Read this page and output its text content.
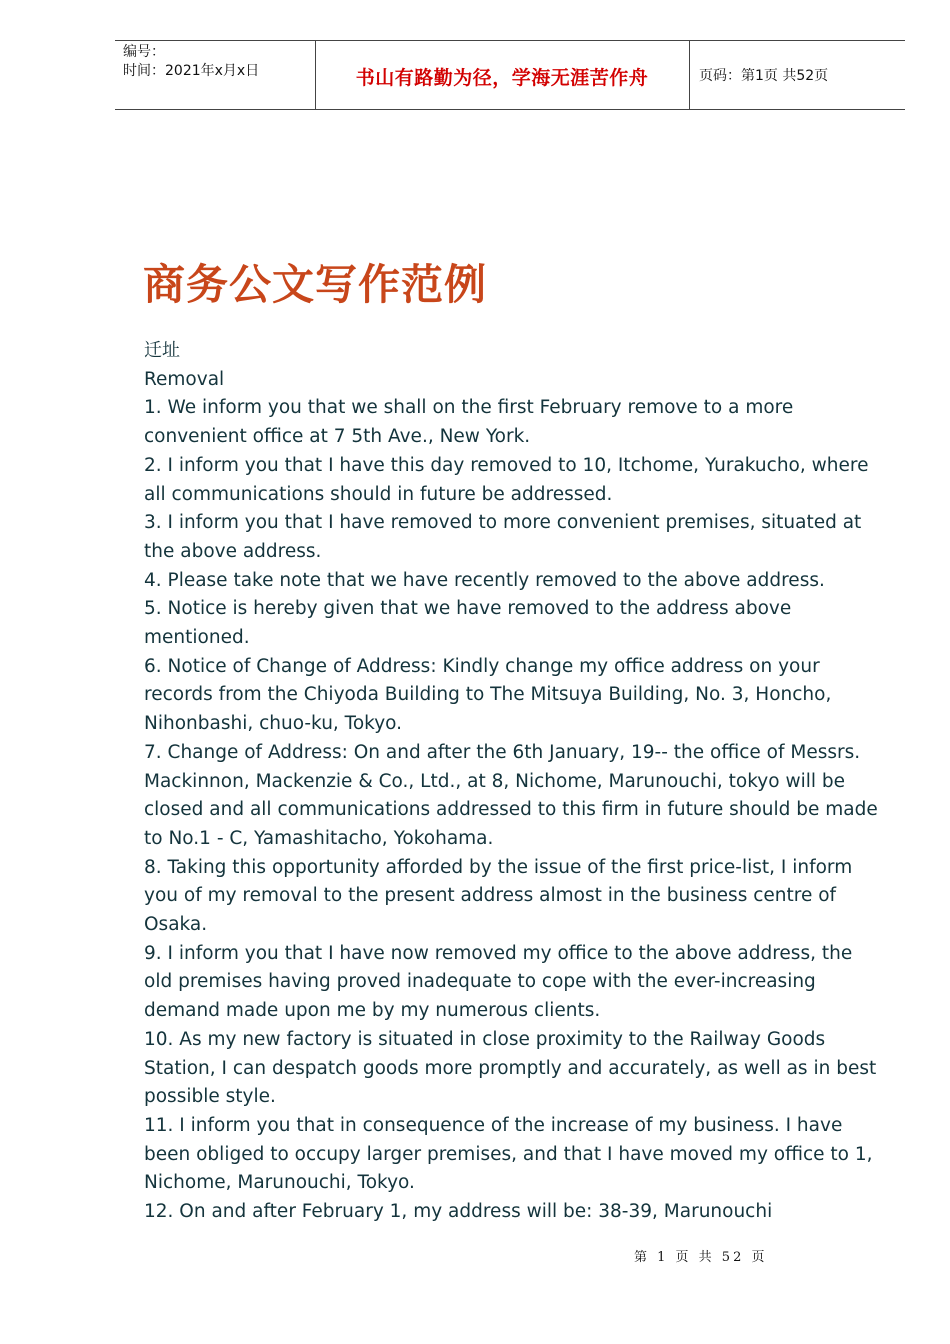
编号：
时间：2021年x月x日	书山有路勤为径，学海无涯苦作舟	页码：第1页 共52页
商务公文写作范例
迁址
Removal

1. We inform you that we shall on the first February remove to a more convenient office at 7 5th Ave., New York.

2. I inform you that I have this day removed to 10, Itchome, Yurakucho, where all communications should in future be addressed.

3. I inform you that I have removed to more convenient premises, situated at the above address.

4. Please take note that we have recently removed to the above address.

5. Notice is hereby given that we have removed to the address above mentioned.

6. Notice of Change of Address: Kindly change my office address on your records from the Chiyoda Building to The Mitsuya Building, No. 3, Honcho, Nihonbashi, chuo-ku, Tokyo.

7. Change of Address: On and after the 6th January, 19-- the office of Messrs. Mackinnon, Mackenzie & Co., Ltd., at 8, Nichome, Marunouchi, tokyo will be closed and all communications addressed to this firm in future should be made to No.1 - C, Yamashitacho, Yokohama.

8. Taking this opportunity afforded by the issue of the first price-list, I inform you of my removal to the present address almost in the business centre of Osaka.

9. I inform you that I have now removed my office to the above address, the old premises having proved inadequate to cope with the ever-increasing demand made upon me by my numerous clients.

10. As my new factory is situated in close proximity to the Railway Goods Station, I can despatch goods more promptly and accurately, as well as in best possible style.

11. I inform you that in consequence of the increase of my business. I have been obliged to occupy larger premises, and that I have moved my office to 1, Nichome, Marunouchi, Tokyo.

12. On and after February 1, my address will be: 38-39, Marunouchi

第 1 页 共 52 页
